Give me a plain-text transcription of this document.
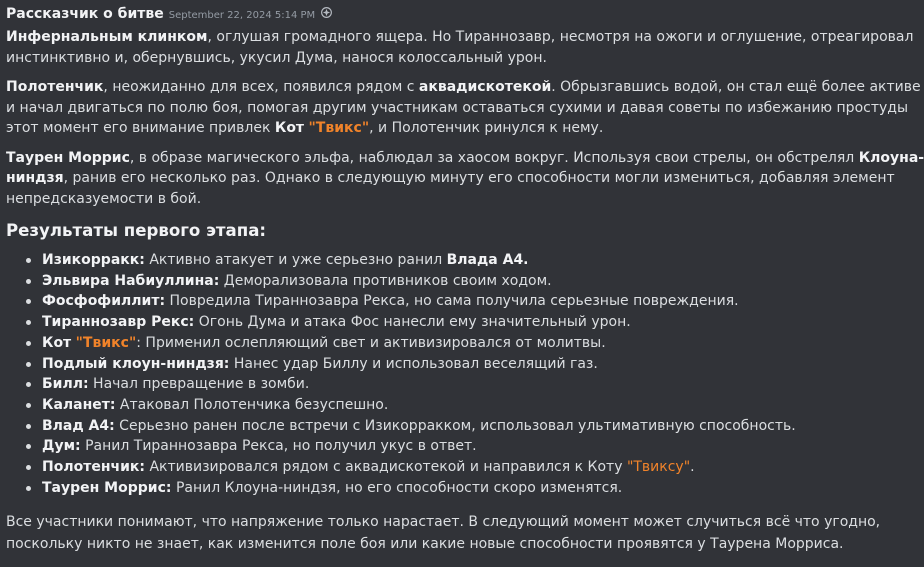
Рассказчик о битве September 22, 2024 5:14 PM

Инфернальным клинком, оглушая громадного ящера. Но Тираннозавр, несмотря на ожоги и оглушение, отреагировал
инстинктивно и, обернувшись, укусил Дума, нанося колоссальный урон.

Полотенчик, неожиданно для всех, появился рядом с аквадискотекой. Обрызгавшись водой, он стал ещё более активе
и начал двигаться по полю боя, помогая другим участникам оставаться сухими и давая советы по избежанию простуды
этот момент его внимание привлек Кот "Твикс", и Полотенчик ринулся к нему.

Таурен Моррис, в образе магического эльфа, наблюдал за хаосом вокруг. Используя свои стрелы, он обстрелял Клоуна-
ниндзя, ранив его несколько раз. Однако в следующую минуту его способности могли измениться, добавляя элемент
непредсказуемости в бой.

Результаты первого этапа:
Изикорракк: Активно атакует и уже серьезно ранил Влада А4.
Эльвира Набиуллина: Деморализовала противников своим ходом.
Фосфофиллит: Повредила Тираннозавра Рекса, но сама получила серьезные повреждения.
Тираннозавр Рекс: Огонь Дума и атака Фос нанесли ему значительный урон.
Кот "Твикс": Применил ослепляющий свет и активизировался от молитвы.
Подлый клоун-ниндзя: Нанес удар Биллу и использовал веселящий газ.
Билл: Начал превращение в зомби.
Каланет: Атаковал Полотенчика безуспешно.
Влад А4: Серьезно ранен после встречи с Изикорракком, использовал ультимативную способность.
Дум: Ранил Тираннозавра Рекса, но получил укус в ответ.
Полотенчик: Активизировался рядом с аквадискотекой и направился к Коту "Твиксу".
Таурен Моррис: Ранил Клоуна-ниндзя, но его способности скоро изменятся.

Все участники понимают, что напряжение только нарастает. В следующий момент может случиться всё что угодно,
поскольку никто не знает, как изменится поле боя или какие новые способности проявятся у Таурена Морриса.
